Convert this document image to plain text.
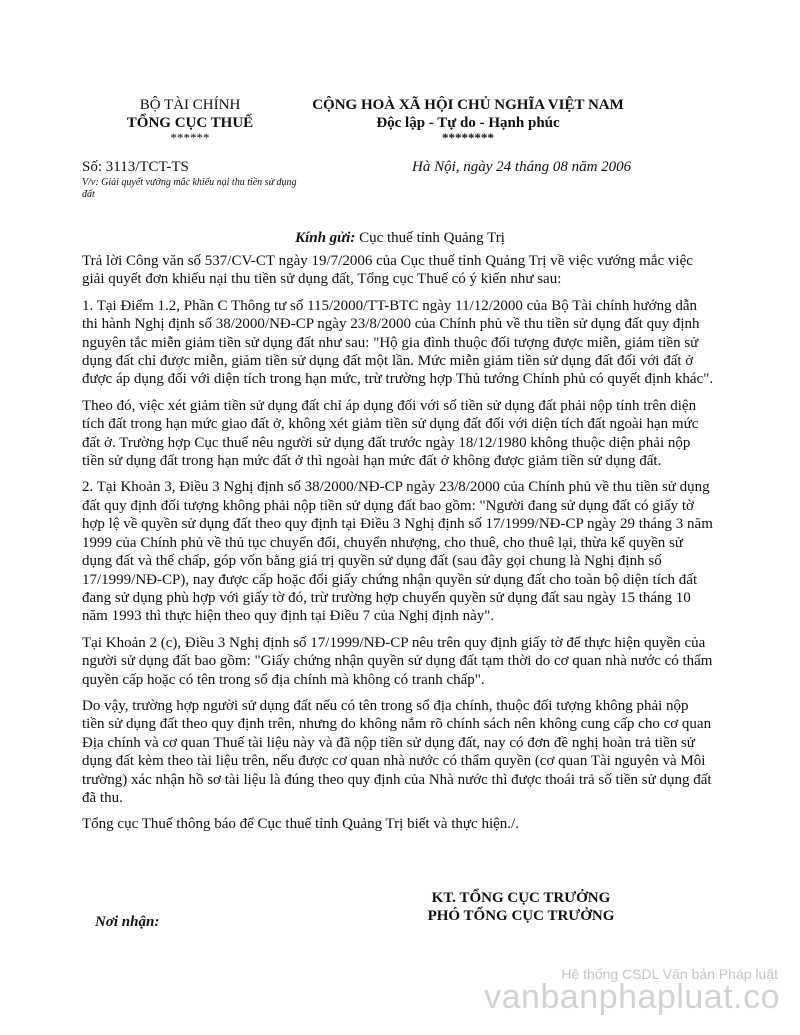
BỘ TÀI CHÍNH
TỔNG CỤC THUẾ
******
CỘNG HOÀ XÃ HỘI CHỦ NGHĨA VIỆT NAM
Độc lập - Tự do - Hạnh phúc
********
Số: 3113/TCT-TS
V/v: Giải quyết vướng mắc khiếu nại thu tiền sử dụng đất
Hà Nội, ngày 24 tháng 08 năm 2006
Kính gửi: Cục thuế tỉnh Quảng Trị

Trả lời Công văn số 537/CV-CT ngày 19/7/2006 của Cục thuế tỉnh Quảng Trị về việc vướng mắc việc giải quyết đơn khiếu nại thu tiền sử dụng đất, Tổng cục Thuế có ý kiến như sau:

1. Tại Điểm 1.2, Phần C Thông tư số 115/2000/TT-BTC ngày 11/12/2000 của Bộ Tài chính hướng dẫn thi hành Nghị định số 38/2000/NĐ-CP ngày 23/8/2000 của Chính phủ về thu tiền sử dụng đất quy định nguyên tắc miễn giảm tiền sử dụng đất như sau: "Hộ gia đình thuộc đối tượng được miễn, giảm tiền sử dụng đất chỉ được miễn, giảm tiền sử dụng đất một lần. Mức miễn giảm tiền sử dụng đất đối với đất ở được áp dụng đối với diện tích trong hạn mức, trừ trường hợp Thủ tướng Chính phủ có quyết định khác".

Theo đó, việc xét giảm tiền sử dụng đất chỉ áp dụng đối với số tiền sử dụng đất phải nộp tính trên diện tích đất trong hạn mức giao đất ở, không xét giảm tiền sử dụng đất đối với diện tích đất ngoài hạn mức đất ở. Trường hợp Cục thuế nêu người sử dụng đất trước ngày 18/12/1980 không thuộc diện phải nộp tiền sử dụng đất trong hạn mức đất ở thì ngoài hạn mức đất ở không được giảm tiền sử dụng đất.

2. Tại Khoản 3, Điều 3 Nghị định số 38/2000/NĐ-CP ngày 23/8/2000 của Chính phủ về thu tiền sử dụng đất quy định đối tượng không phải nộp tiền sử dụng đất bao gồm: "Người đang sử dụng đất có giấy tờ hợp lệ về quyền sử dụng đất theo quy định tại Điều 3 Nghị định số 17/1999/NĐ-CP ngày 29 tháng 3 năm 1999 của Chính phủ về thủ tục chuyển đổi, chuyển nhượng, cho thuê, cho thuê lại, thừa kế quyền sử dụng đất và thế chấp, góp vốn bằng giá trị quyền sử dụng đất (sau đây gọi chung là Nghị định số 17/1999/NĐ-CP), nay được cấp hoặc đổi giấy chứng nhận quyền sử dụng đất cho toàn bộ diện tích đất đang sử dụng phù hợp với giấy tờ đó, trừ trường hợp chuyển quyền sử dụng đất sau ngày 15 tháng 10 năm 1993 thì thực hiện theo quy định tại Điều 7 của Nghị định này".

Tại Khoản 2 (c), Điều 3 Nghị định số 17/1999/NĐ-CP nêu trên quy định giấy tờ để thực hiện quyền của người sử dụng đất bao gồm: "Giấy chứng nhận quyền sử dụng đất tạm thời do cơ quan nhà nước có thẩm quyền cấp hoặc có tên trong sổ địa chính mà không có tranh chấp".

Do vậy, trường hợp người sử dụng đất nếu có tên trong sổ địa chính, thuộc đối tượng không phải nộp tiền sử dụng đất theo quy định trên, nhưng do không nắm rõ chính sách nên không cung cấp cho cơ quan Địa chính và cơ quan Thuế tài liệu này và đã nộp tiền sử dụng đất, nay có đơn đề nghị hoàn trả tiền sử dụng đất kèm theo tài liệu trên, nếu được cơ quan nhà nước có thẩm quyền (cơ quan Tài nguyên và Môi trường) xác nhận hồ sơ tài liệu là đúng theo quy định của Nhà nước thì được thoái trả số tiền sử dụng đất đã thu.

Tổng cục Thuế thông báo để Cục thuế tỉnh Quảng Trị biết và thực hiện./.

KT. TỔNG CỤC TRƯỞNG
PHÓ TỔNG CỤC TRƯỞNG
Nơi nhận:
Hệ thống CSDL Văn bản Pháp luật
vanbanphapluat.co
